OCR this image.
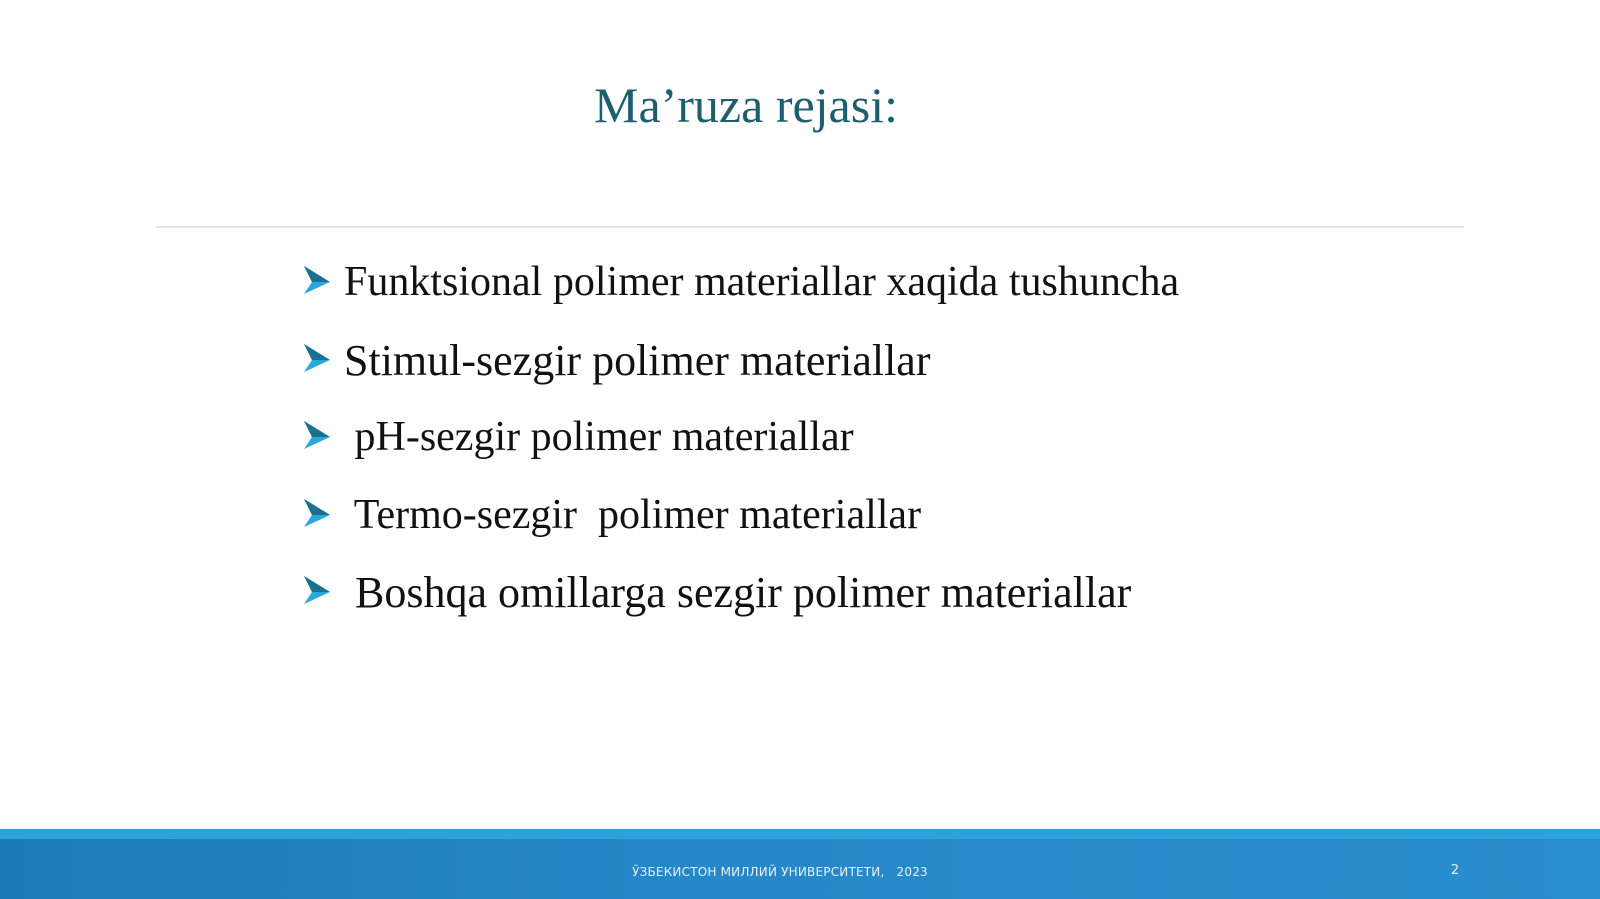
Ma’ruza rejasi:
Funktsional polimer materiallar xaqida tushuncha
Stimul-sezgir polimer materiallar
pH-sezgir polimer materiallar
Termo-sezgir  polimer materiallar
Boshqa omillarga sezgir polimer materiallar
ЎЗБЕКИСТОН МИЛЛИЙ УНИВЕРСИТЕТИ,   2023	2
